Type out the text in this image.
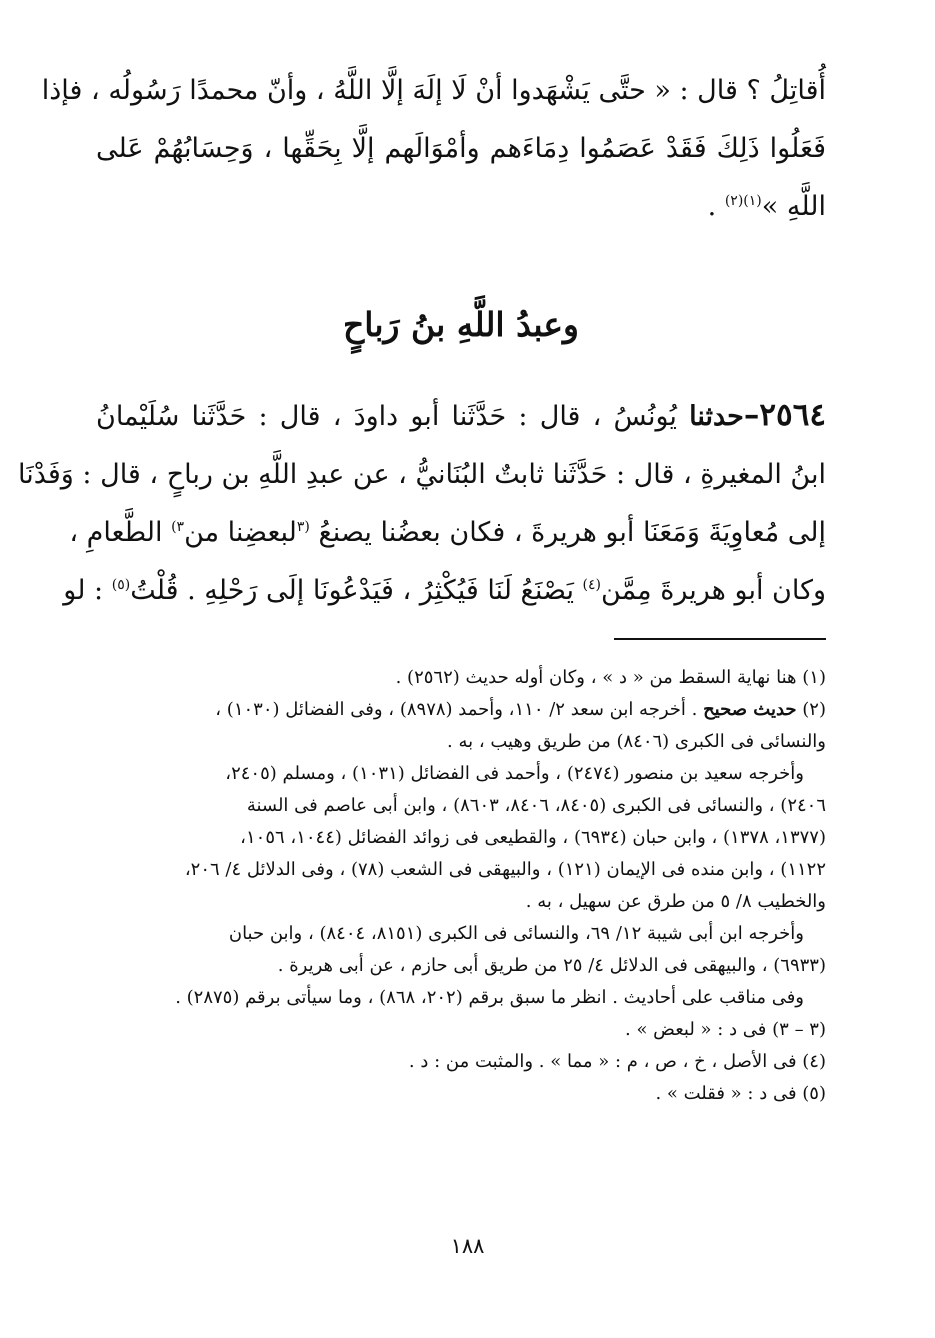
أُقاتِلُ ؟ قال : « حتَّى يَشْهَدوا أنْ لَا إلَهَ إلَّا اللَّهُ ، وأنّ محمدًا رَسُولُه ، فإذا
فَعَلُوا ذَلِكَ فَقَدْ عَصَمُوا دِمَاءَهم وأمْوَالَهم إلَّا بِحَقِّها ، وَحِسَابُهُمْ عَلى
اللَّهِ »$^{(١)(٢)}$ .
وعبدُ اللَّهِ بنُ رَباحٍ
٢٥٦٤–حدثنا يُونُسُ ، قال : حَدَّثَنا أبو داودَ ، قال : حَدَّثَنا سُلَيْمانُ
ابنُ المغيرةِ ، قال : حَدَّثَنا ثابتٌ البُنَانيُّ ، عن عبدِ اللَّهِ بن رباحٍ ، قال : وَفَدْنَا
إلى مُعاوِيَةَ وَمَعَنَا أبو هريرةَ ، فكان بعضُنا يصنعُ $^{(٣}$لبعضِنا من$^{٣)}$ الطَّعامِ ،
وكان أبو هريرةَ مِمَّن$^{(٤)}$ يَصْنَعُ لَنَا فَيُكْثِرُ ، فَيَدْعُونَا إلَى رَحْلِهِ . قُلْتُ$^{(٥)}$ : لو
(١) هنا نهاية السقط من « د » ، وكان أوله حديث (٢٥٦٢) .
(٢) حديث صحيح . أخرجه ابن سعد ٢/ ١١٠، وأحمد (٨٩٧٨) ، وفى الفضائل (١٠٣٠) ،
والنسائى فى الكبرى (٨٤٠٦) من طريق وهيب ، به .
وأخرجه سعيد بن منصور (٢٤٧٤) ، وأحمد فى الفضائل (١٠٣١) ، ومسلم (٢٤٠٥،
٢٤٠٦) ، والنسائى فى الكبرى (٨٤٠٥، ٨٤٠٦، ٨٦٠٣) ، وابن أبى عاصم فى السنة
(١٣٧٧، ١٣٧٨) ، وابن حبان (٦٩٣٤) ، والقطيعى فى زوائد الفضائل (١٠٤٤، ١٠٥٦،
١١٢٢) ، وابن منده فى الإيمان (١٢١) ، والبيهقى فى الشعب (٧٨) ، وفى الدلائل ٤/ ٢٠٦،
والخطيب ٨/ ٥ من طرق عن سهيل ، به .
وأخرجه ابن أبى شيبة ١٢/ ٦٩، والنسائى فى الكبرى (٨١٥١، ٨٤٠٤) ، وابن حبان
(٦٩٣٣) ، والبيهقى فى الدلائل ٤/ ٢٥ من طريق أبى حازم ، عن أبى هريرة .
وفى مناقب على أحاديث . انظر ما سبق برقم (٢٠٢، ٨٦٨) ، وما سيأتى برقم (٢٨٧٥) .
(٣ – ٣) فى د : « لبعض » .
(٤) فى الأصل ، خ ، ص ، م : « مما » . والمثبت من : د .
(٥) فى د : « فقلت » .
١٨٨
